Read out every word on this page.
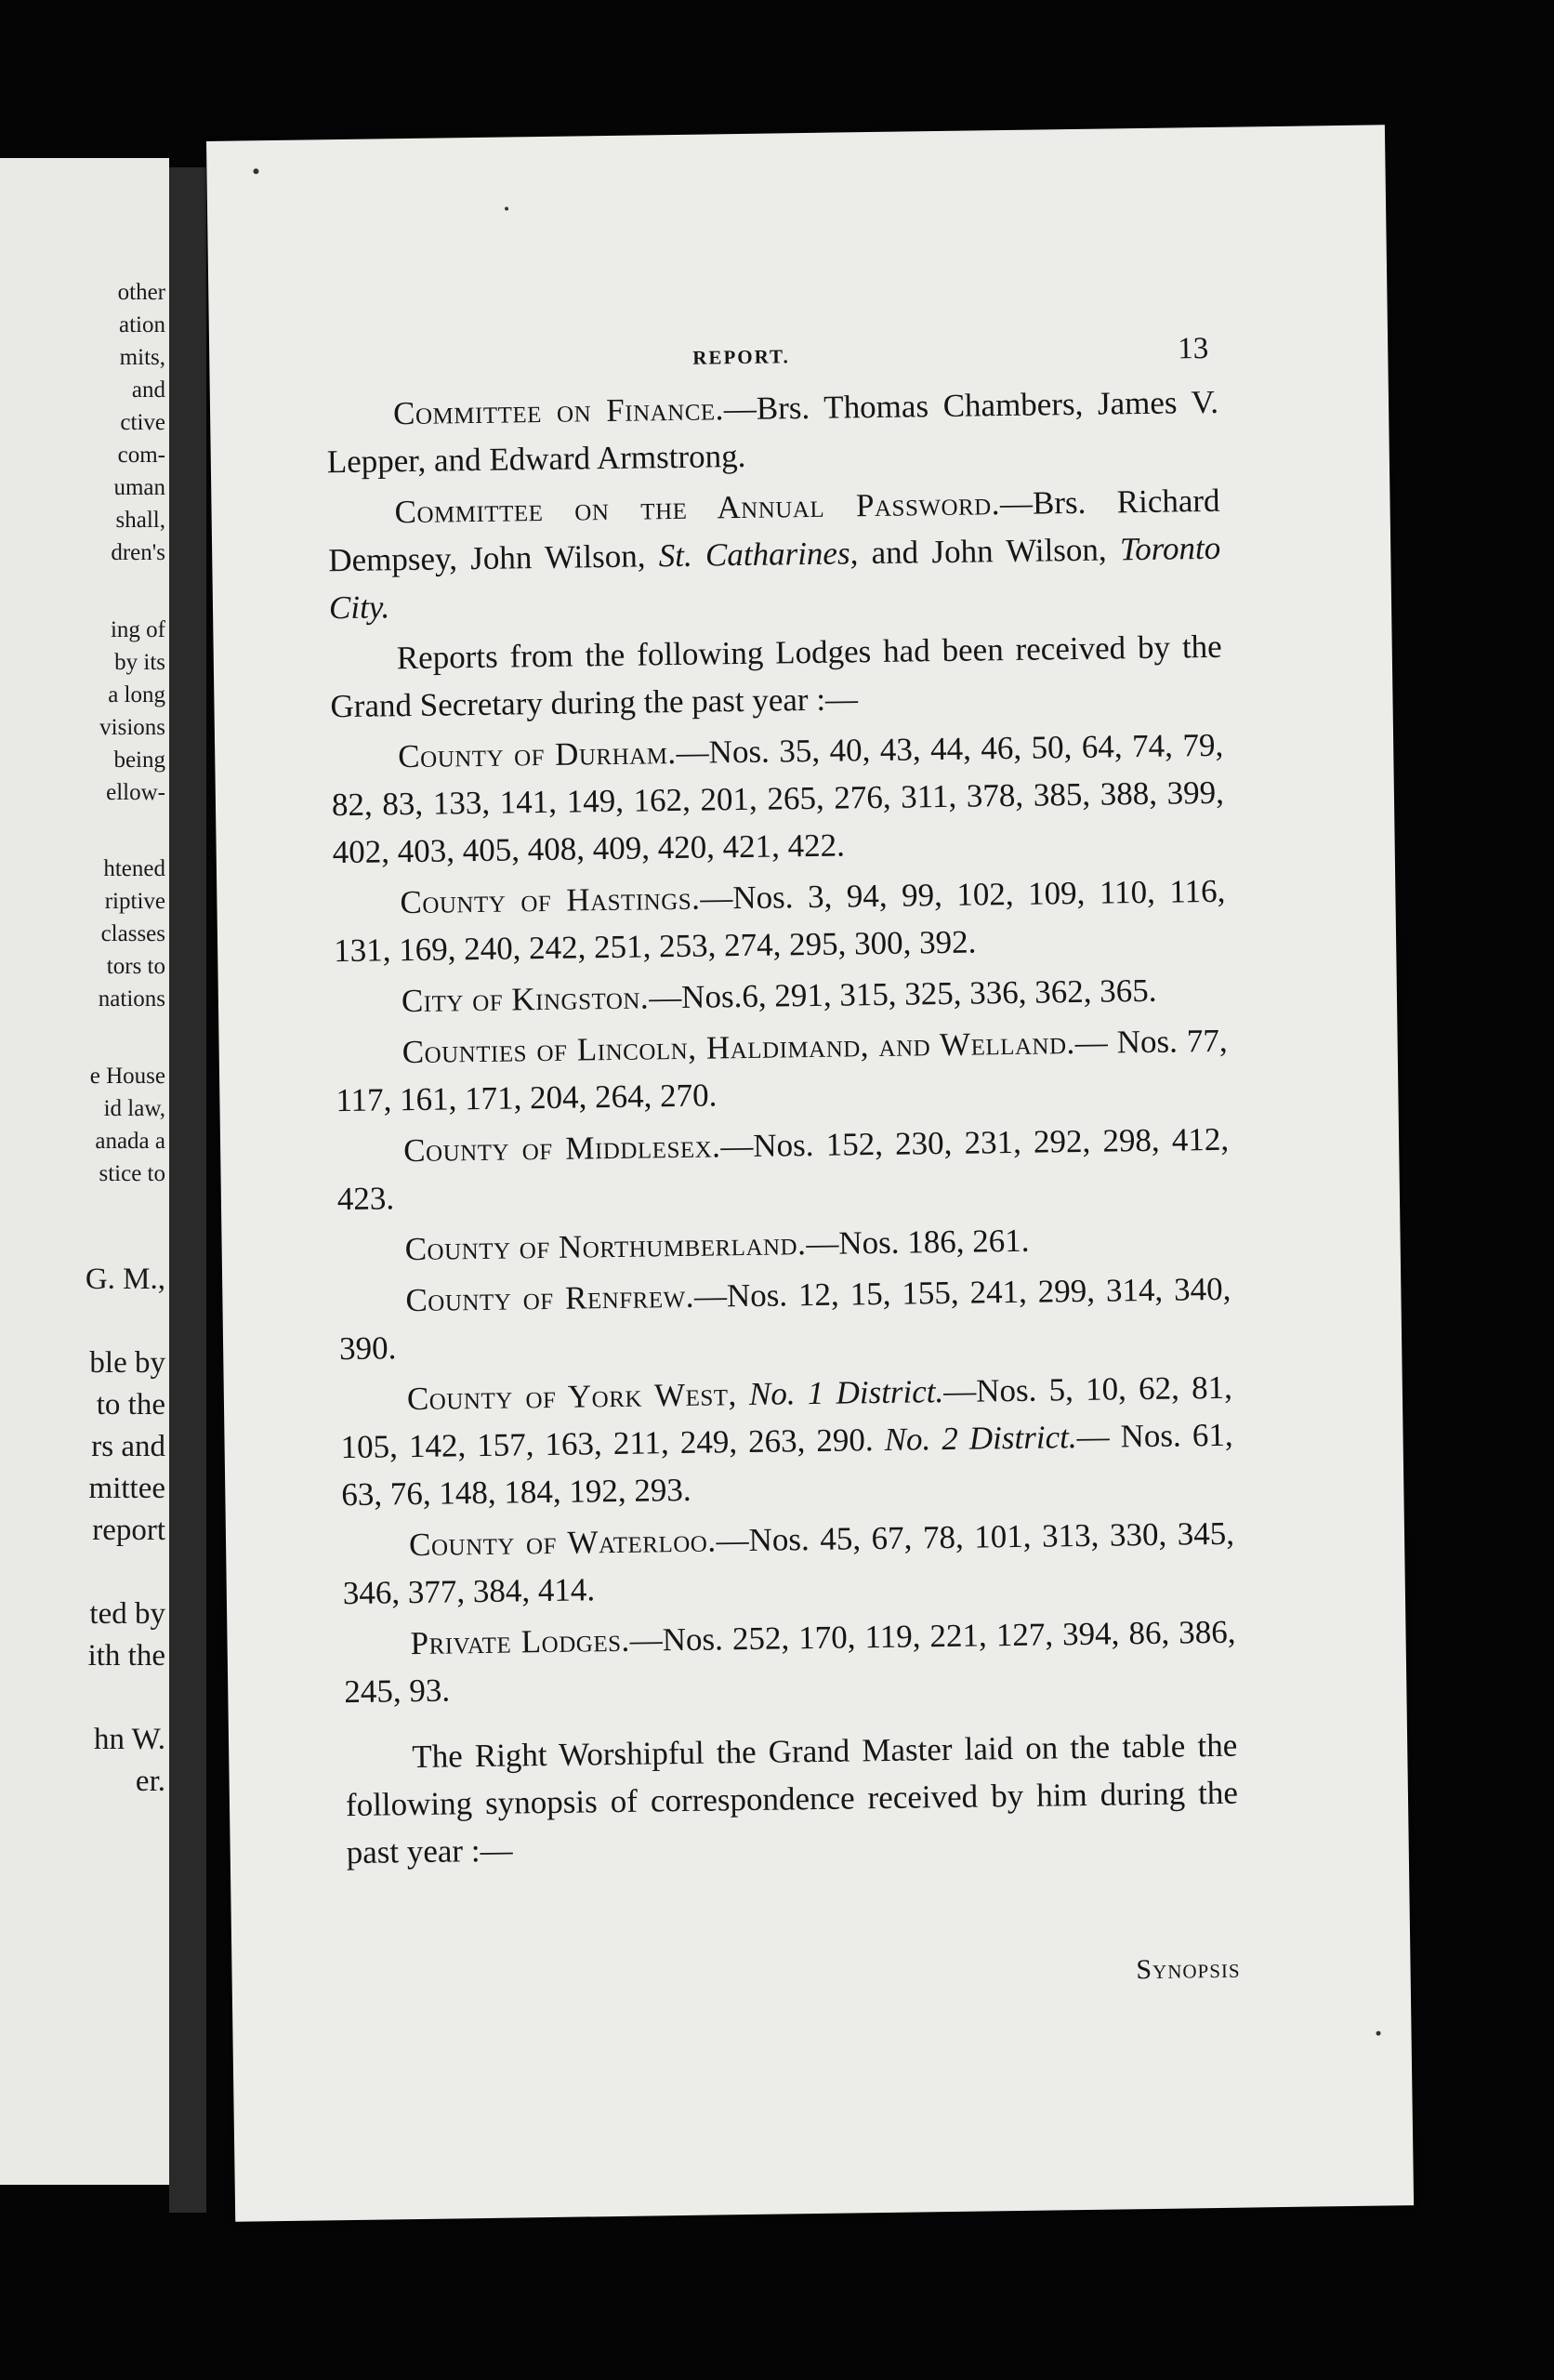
other
ation
mits,
and
ctive
com-
uman
shall,
dren's
ing of
by its
a long
visions
being
ellow-
htened
riptive
classes
tors to
nations
e House
id law,
anada a
stice to
G. M.,
ble by
to the
rs and
mittee
report
ted by
ith the
hn W.
er.
REPORT.	13

Committee on Finance.—Brs. Thomas Chambers, James V. Lepper, and Edward Armstrong.

Committee on the Annual Password.—Brs. Richard Dempsey, John Wilson, St. Catharines, and John Wilson, Toronto City.

Reports from the following Lodges had been received by the Grand Secretary during the past year :—

County of Durham.—Nos. 35, 40, 43, 44, 46, 50, 64, 74, 79, 82, 83, 133, 141, 149, 162, 201, 265, 276, 311, 378, 385, 388, 399, 402, 403, 405, 408, 409, 420, 421, 422.

County of Hastings.—Nos. 3, 94, 99, 102, 109, 110, 116, 131, 169, 240, 242, 251, 253, 274, 295, 300, 392.

City of Kingston.—Nos.6, 291, 315, 325, 336, 362, 365.

Counties of Lincoln, Haldimand, and Welland.— Nos. 77, 117, 161, 171, 204, 264, 270.

County of Middlesex.—Nos. 152, 230, 231, 292, 298, 412, 423.

County of Northumberland.—Nos. 186, 261.

County of Renfrew.—Nos. 12, 15, 155, 241, 299, 314, 340, 390.

County of York West, No. 1 District.—Nos. 5, 10, 62, 81, 105, 142, 157, 163, 211, 249, 263, 290. No. 2 District.— Nos. 61, 63, 76, 148, 184, 192, 293.

County of Waterloo.—Nos. 45, 67, 78, 101, 313, 330, 345, 346, 377, 384, 414.

Private Lodges.—Nos. 252, 170, 119, 221, 127, 394, 86, 386, 245, 93.

The Right Worshipful the Grand Master laid on the table the following synopsis of correspondence received by him during the past year :—

Synopsis
